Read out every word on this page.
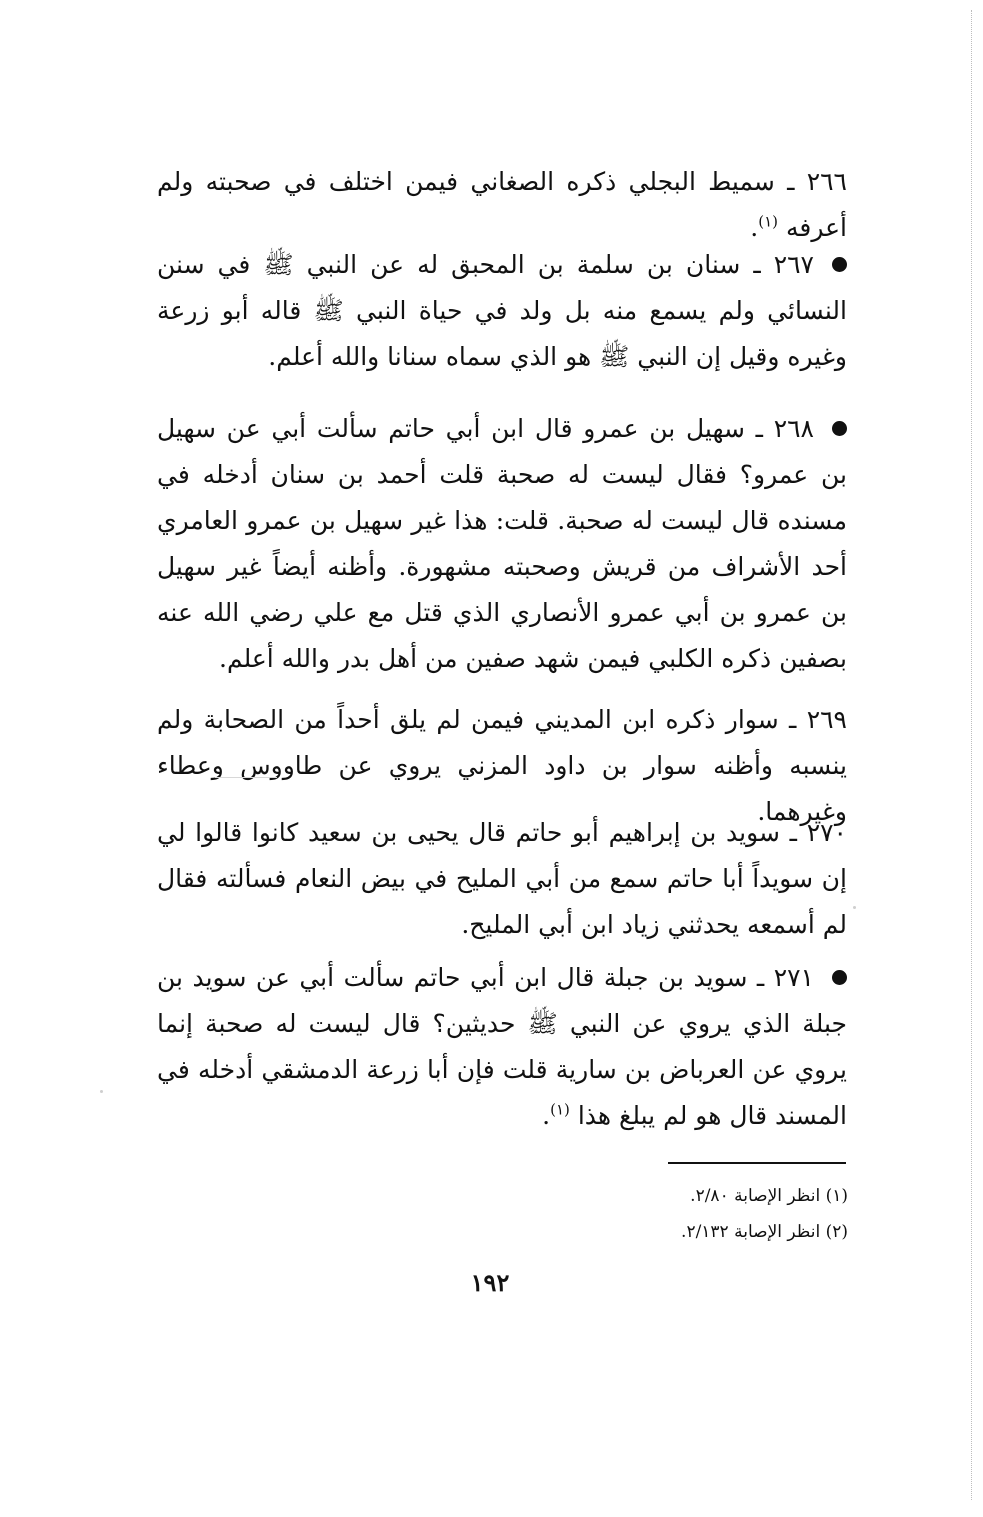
٢٦٦ ـ سميط البجلي ذكره الصغاني فيمن اختلف في صحبته ولم أعرفه $^{(١)}$.

٢٦٧ ـ سنان بن سلمة بن المحبق له عن النبي ﷺ في سنن النسائي ولم يسمع منه بل ولد في حياة النبي ﷺ قاله أبو زرعة وغيره وقيل إن النبي ﷺ هو الذي سماه سنانا والله أعلم.

٢٦٨ ـ سهيل بن عمرو قال ابن أبي حاتم سألت أبي عن سهيل بن عمرو؟ فقال ليست له صحبة قلت أحمد بن سنان أدخله في مسنده قال ليست له صحبة. قلت: هذا غير سهيل بن عمرو العامري أحد الأشراف من قريش وصحبته مشهورة. وأظنه أيضاً غير سهيل بن عمرو بن أبي عمرو الأنصاري الذي قتل مع علي رضي الله عنه بصفين ذكره الكلبي فيمن شهد صفين من أهل بدر والله أعلم.

٢٦٩ ـ سوار ذكره ابن المديني فيمن لم يلق أحداً من الصحابة ولم ينسبه وأظنه سوار بن داود المزني يروي عن طاووس وعطاء وغيرهما.

٢٧٠ ـ سويد بن إبراهيم أبو حاتم قال يحيى بن سعيد كانوا قالوا لي إن سويداً أبا حاتم سمع من أبي المليح في بيض النعام فسألته فقال لم أسمعه يحدثني زياد ابن أبي المليح.

٢٧١ ـ سويد بن جبلة قال ابن أبي حاتم سألت أبي عن سويد بن جبلة الذي يروي عن النبي ﷺ حديثين؟ قال ليست له صحبة إنما يروي عن العرباض بن سارية قلت فإن أبا زرعة الدمشقي أدخله في المسند قال هو لم يبلغ هذا $^{(١)}$.

(١) انظر الإصابة ٢/٨٠.
(٢) انظر الإصابة ٢/١٣٢.
١٩٢
